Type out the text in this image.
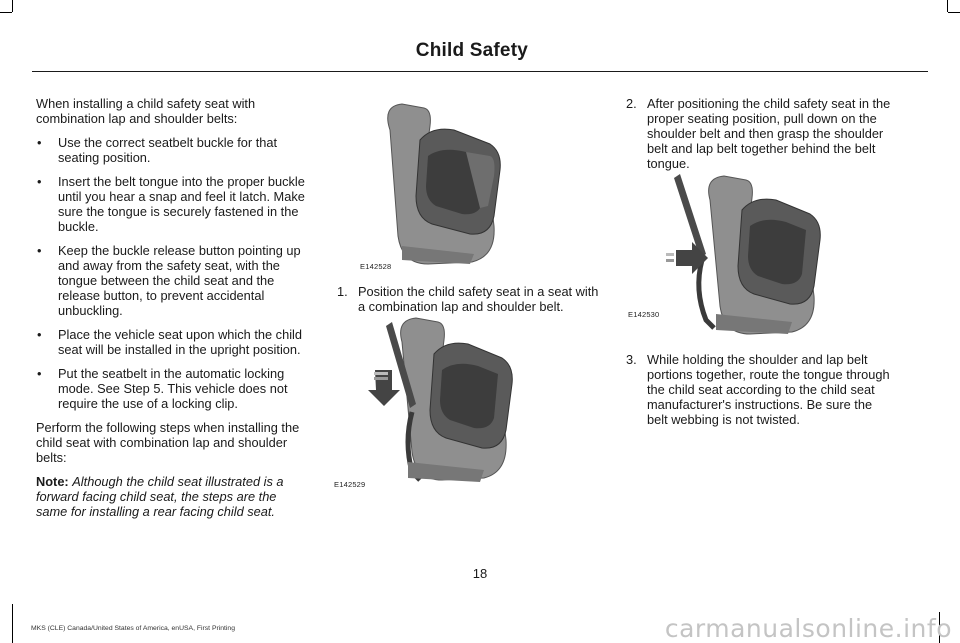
Child Safety

When installing a child safety seat with combination lap and shoulder belts:

• Use the correct seatbelt buckle for that seating position.
• Insert the belt tongue into the proper buckle until you hear a snap and feel it latch. Make sure the tongue is securely fastened in the buckle.
• Keep the buckle release button pointing up and away from the safety seat, with the tongue between the child seat and the release button, to prevent accidental unbuckling.
• Place the vehicle seat upon which the child seat will be installed in the upright position.
• Put the seatbelt in the automatic locking mode. See Step 5. This vehicle does not require the use of a locking clip.

Perform the following steps when installing the child seat with combination lap and shoulder belts:

Note: Although the child seat illustrated is a forward facing child seat, the steps are the same for installing a rear facing child seat.

E142528
1. Position the child safety seat in a seat with a combination lap and shoulder belt.
E142529
2. After positioning the child safety seat in the proper seating position, pull down on the shoulder belt and then grasp the shoulder belt and lap belt together behind the belt tongue.
E142530
3. While holding the shoulder and lap belt portions together, route the tongue through the child seat according to the child seat manufacturer's instructions. Be sure the belt webbing is not twisted.
18
MKS (CLE) Canada/United States of America, enUSA, First Printing	carmanualsonline.info
